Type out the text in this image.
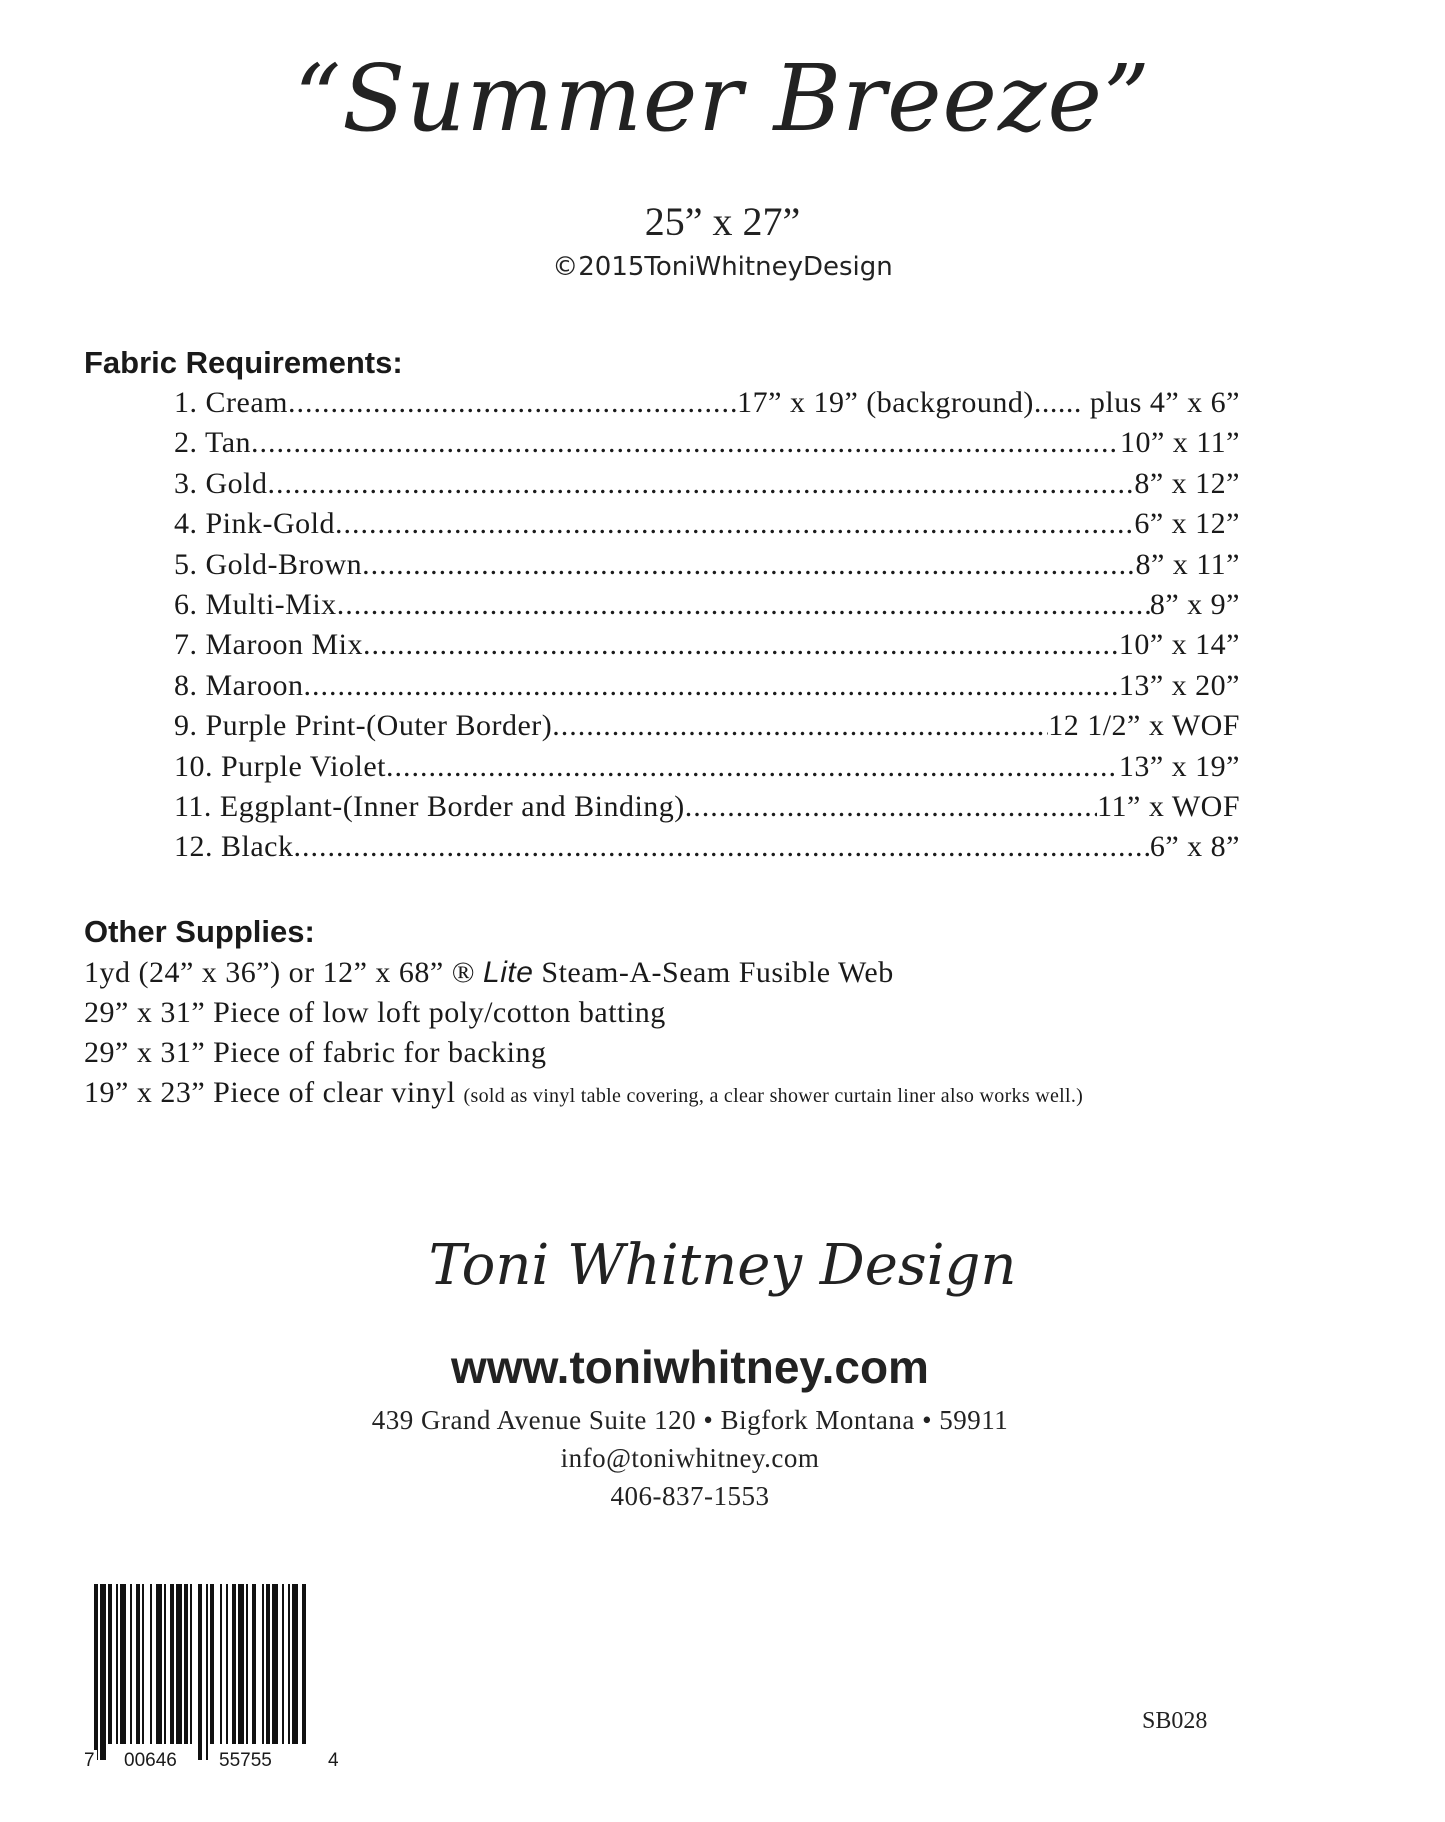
“Summer Breeze”
25” x 27”
©2015ToniWhitneyDesign
Fabric Requirements:
1. Cream .....	17” x 19” (background)...... plus 4” x 6”
2. Tan .....	10” x 11”
3. Gold .....	8” x 12”
4. Pink-Gold .....	6” x 12”
5. Gold-Brown .....	8” x 11”
6. Multi-Mix .....	8” x 9”
7. Maroon Mix .....	10” x 14”
8. Maroon .....	13” x 20”
9. Purple Print-(Outer Border) .....	12 1/2” x WOF
10. Purple Violet .....	13” x 19”
11. Eggplant-(Inner Border and Binding) .....	11” x WOF
12. Black .....	6” x 8”
Other Supplies:
1yd (24” x 36”) or 12” x 68” ® Lite Steam-A-Seam Fusible Web
29” x 31” Piece of low loft poly/cotton batting
29” x 31” Piece of fabric for backing
19” x 23” Piece of clear vinyl (sold as vinyl table covering, a clear shower curtain liner also works well.)
Toni Whitney Design
www.toniwhitney.com
439 Grand Avenue Suite 120 • Bigfork Montana • 59911
info@toniwhitney.com
406-837-1553
7 00646 55755	4
SB028
